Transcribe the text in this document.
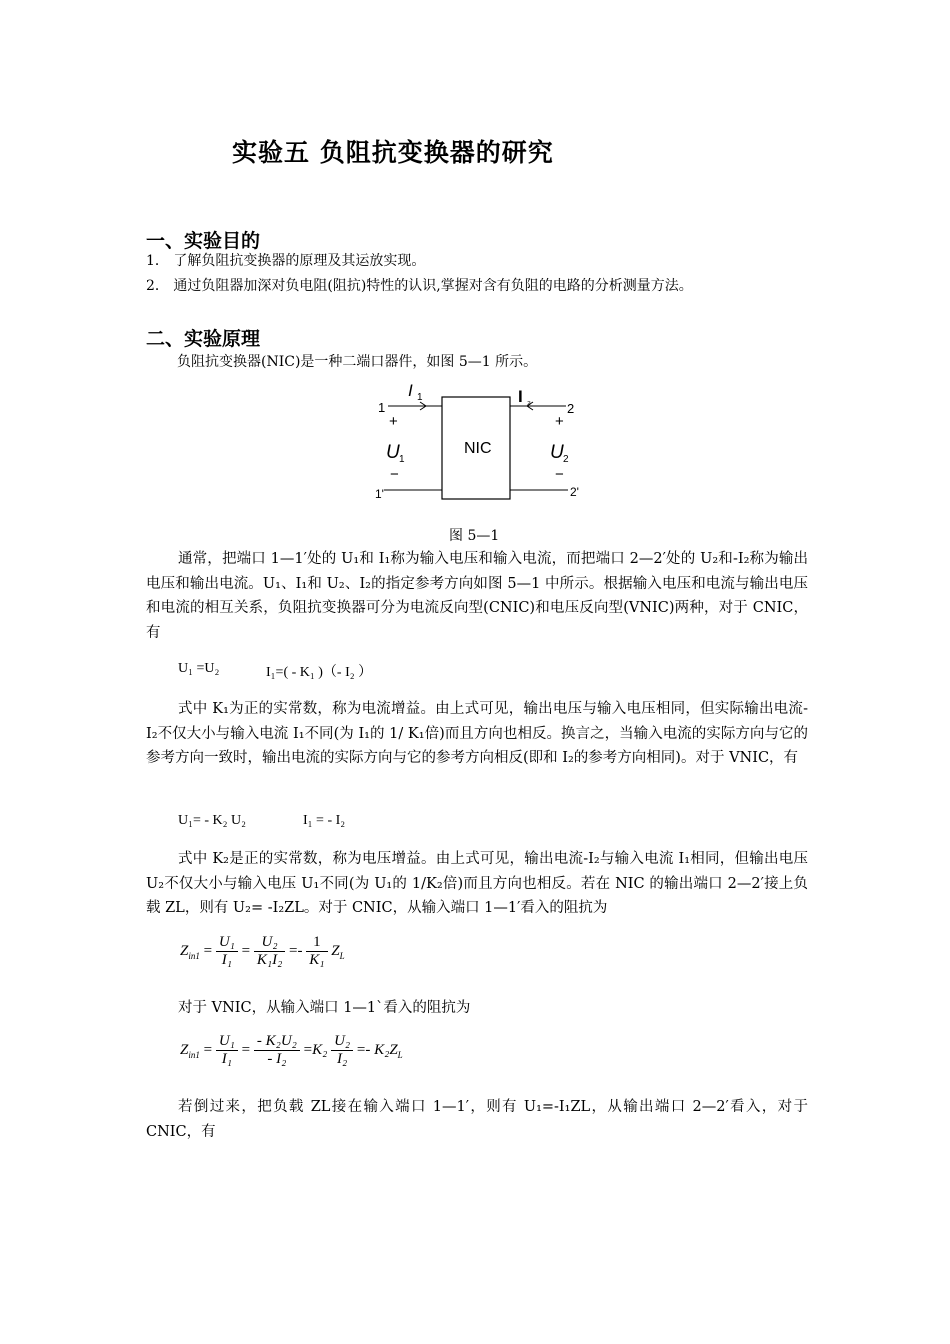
实验五 负阻抗变换器的研究
一、实验目的
1． 了解负阻抗变换器的原理及其运放实现。
2． 通过负阻器加深对负电阻(阻抗)特性的认识,掌握对含有负阻的电路的分析测量方法。
二、实验原理
负阻抗变换器(NIC)是一种二端口器件，如图 5—1 所示。
NIC
I 1	I ₂
1	2
+	+
U 1	U 2
−	−
1'	2'
图 5—1
通常，把端口 1—1′处的 U₁和 I₁称为输入电压和输入电流，而把端口 2—2′处的 U₂和-I₂称为输出电压和输出电流。U₁、I₁和 U₂、I₂的指定参考方向如图 5—1 中所示。根据输入电压和电流与输出电压和电流的相互关系，负阻抗变换器可分为电流反向型(CNIC)和电压反向型(VNIC)两种，对于 CNIC，有
U₁ =U₂	I₁=( - K₁ )（- I₂ ）
式中 K₁为正的实常数，称为电流增益。由上式可见，输出电压与输入电压相同，但实际输出电流-I₂不仅大小与输入电流 I₁不同(为 I₁的 1/ K₁倍)而且方向也相反。换言之，当输入电流的实际方向与它的参考方向一致时，输出电流的实际方向与它的参考方向相反(即和 I₂的参考方向相同)。对于 VNIC，有
U₁= - K₂ U₂	I₁ = - I₂
式中 K₂是正的实常数，称为电压增益。由上式可见，输出电流-I₂与输入电流 I₁相同，但输出电压 U₂不仅大小与输入电压 U₁不同(为 U₁的 1/K₂倍)而且方向也相反。若在 NIC 的输出端口 2—2′接上负载 ZL，则有 U₂= -I₂ZL。对于 CNIC，从输入端口 1—1′看入的阻抗为
$Z_{in1} = \frac{\text{U₁}}{\text{I₁}} = \frac{\text{U₂}}{\text{K₁I₂}} =- \frac{1}{\text{K₁}} Z_L$
对于 VNIC，从输入端口 1—1`看入的阻抗为
$Z_{in1} = \frac{\text{U₁}}{\text{I₁}} = \frac{\text{- K₂U₂}}{\text{- I₂}} =K_2 \frac{\text{U₂}}{\text{I₂}} =- K_2Z_L$
若倒过来，把负载 ZL接在输入端口 1—1′，则有 U₁=-I₁ZL，从输出端口 2—2′看入，对于 CNIC，有
